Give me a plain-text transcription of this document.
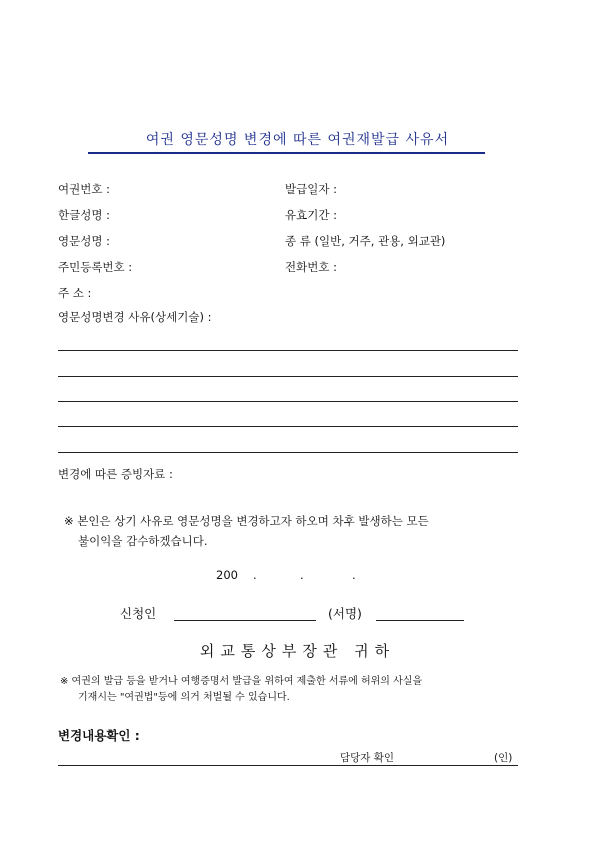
여권 영문성명 변경에 따른 여권재발급 사유서
여권번호 :	발급일자 :
한글성명 :	유효기간 :
영문성명 :	종 류 (일반, 거주, 관용, 외교관)
주민등록번호 :	전화번호 :
주 소 :
영문성명변경 사유(상세기술) :
변경에 따른 증빙자료 :
※ 본인은 상기 사유로 영문성명을 변경하고자 하오며 차후 발생하는 모든
불이익을 감수하겠습니다.
200 .	.	.
신청인	(서명)
외교통상부장관 귀하
※ 여권의 발급 등을 받거나 여행증명서 발급을 위하여 제출한 서류에 허위의 사실을
기재시는 "여권법"등에 의거 처벌될 수 있습니다.
변경내용확인 :
담당자 확인	(인)
